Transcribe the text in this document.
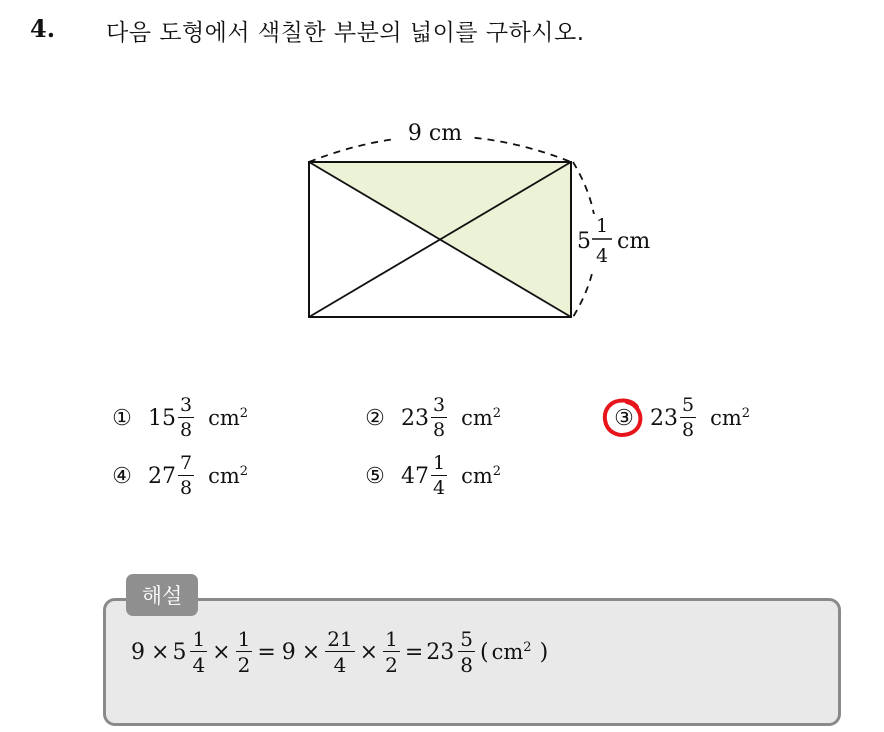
4. 다음 도형에서 색칠한 부분의 넓이를 구하시오.
9 cm
5
1
4
cm
① $15 \frac{3}{8} cm^2$	② $23 \frac{3}{8} cm^2$	③ $23 \frac{5}{8} cm^2$
④ $27 \frac{7}{8} cm^2$	⑤ $47 \frac{1}{4} cm^2$
해설
$9 \times 5 \frac{1}{4} \times \frac{1}{2} = 9 \times \frac{21}{4} \times \frac{1}{2} = 23 \frac{5}{8}$ ( $cm^2$ )
